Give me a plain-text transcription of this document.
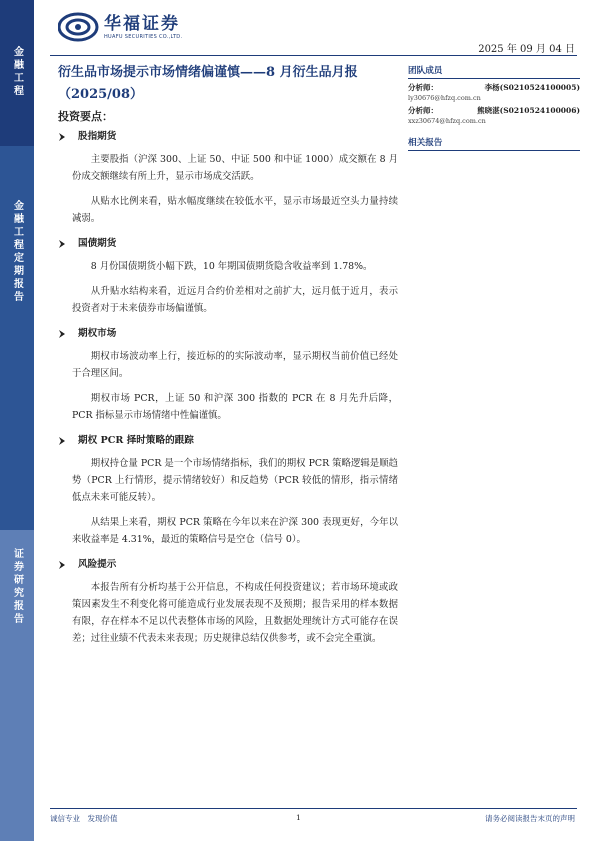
金融工程
金融工程定期报告
证券研究报告
华福证券
HUAFU SECURITIES CO.,LTD.
2025 年 09 月 04 日
衍生品市场提示市场情绪偏谨慎——8 月衍生品月报（2025/08）
投资要点：
股指期货

主要股指（沪深 300、上证 50、中证 500 和中证 1000）成交额在 8 月份成交额继续有所上升，显示市场成交活跃。

从贴水比例来看，贴水幅度继续在较低水平，显示市场最近空头力量持续减弱。

国债期货

8 月份国债期货小幅下跌，10 年期国债期货隐含收益率到 1.78%。

从升贴水结构来看，近远月合约价差相对之前扩大，远月低于近月，表示投资者对于未来债券市场偏谨慎。

期权市场

期权市场波动率上行，接近标的的实际波动率，显示期权当前价值已经处于合理区间。

期权市场 PCR，上证 50 和沪深 300 指数的 PCR 在 8 月先升后降，PCR 指标显示市场情绪中性偏谨慎。

期权 PCR 择时策略的跟踪

期权持仓量 PCR 是一个市场情绪指标，我们的期权 PCR 策略逻辑是顺趋势（PCR 上行情形，提示情绪较好）和反趋势（PCR 较低的情形，指示情绪低点未来可能反转）。

从结果上来看，期权 PCR 策略在今年以来在沪深 300 表现更好，今年以来收益率是 4.31%，最近的策略信号是空仓（信号 0）。

风险提示

本报告所有分析均基于公开信息，不构成任何投资建议；若市场环境或政策因素发生不利变化将可能造成行业发展表现不及预期；报告采用的样本数据有限，存在样本不足以代表整体市场的风险，且数据处理统计方式可能存在误差；过往业绩不代表未来表现；历史规律总结仅供参考，或不会完全重演。

团队成员
分析师：	李杨(S0210524100005)
ly30676@hfzq.com.cn
分析师：	熊晓湛(S0210524100006)
xxz30674@hfzq.com.cn
相关报告
诚信专业　发现价值	1	请务必阅读报告末页的声明
